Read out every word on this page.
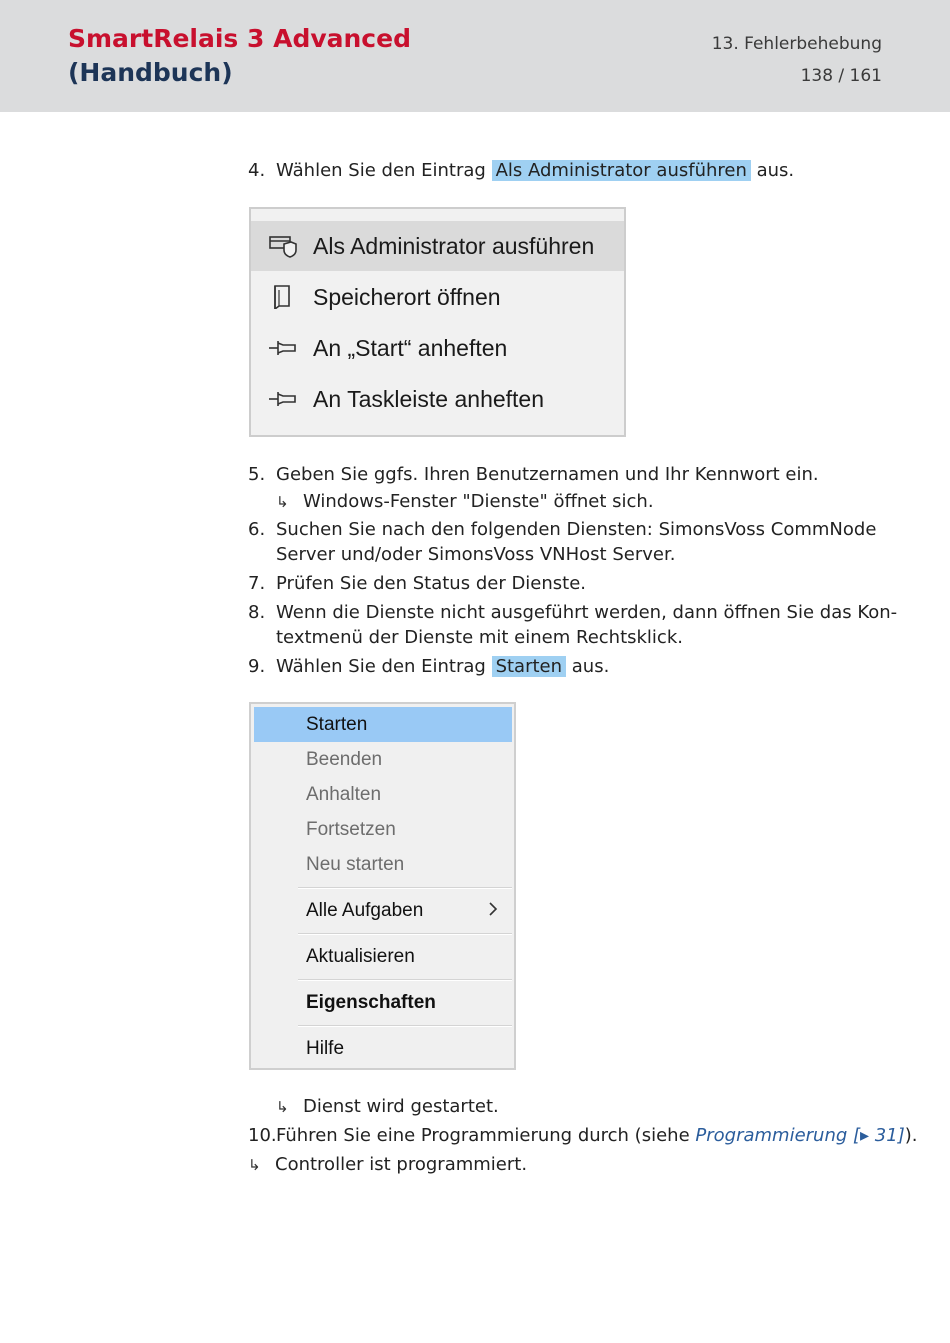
SmartRelais 3 Advanced
(Handbuch)
13. Fehlerbehebung
138 / 161
4. Wählen Sie den Eintrag Als Administrator ausführen aus.
Als Administrator ausführen
Speicherort öffnen
An „Start“ anheften
An Taskleiste anheften
5. Geben Sie ggfs. Ihren Benutzernamen und Ihr Kennwort ein.
↳ Windows-Fenster "Dienste" öffnet sich.
6. Suchen Sie nach den folgenden Diensten: SimonsVoss CommNode
Server und/oder SimonsVoss VNHost Server.
7. Prüfen Sie den Status der Dienste.
8. Wenn die Dienste nicht ausgeführt werden, dann öffnen Sie das Kon-
textmenü der Dienste mit einem Rechtsklick.
9. Wählen Sie den Eintrag Starten aus.
Starten
Beenden
Anhalten
Fortsetzen
Neu starten
Alle Aufgaben
Aktualisieren
Eigenschaften
Hilfe
↳ Dienst wird gestartet.
10. Führen Sie eine Programmierung durch (siehe Programmierung [▸ 31]).
↳ Controller ist programmiert.
